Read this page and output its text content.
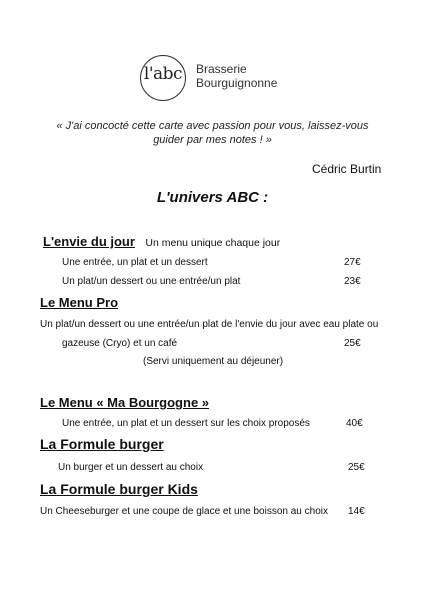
l'abc Brasserie
Bourguignonne
« J'ai concocté cette carte avec passion pour vous, laissez-vous
guider par mes notes ! »
Cédric Burtin
L'univers ABC :
L'envie du jour Un menu unique chaque jour
Une entrée, un plat et un dessert	27€
Un plat/un dessert ou une entrée/un plat	23€
Le Menu Pro
Un plat/un dessert ou une entrée/un plat de l'envie du jour avec eau plate ou
gazeuse (Cryo) et un café	25€
(Servi uniquement au déjeuner)
Le Menu « Ma Bourgogne »
Une entrée, un plat et un dessert sur les choix proposés	40€
La Formule burger
Un burger et un dessert au choix	25€
La Formule burger Kids
Un Cheeseburger et une coupe de glace et une boisson au choix 14€
